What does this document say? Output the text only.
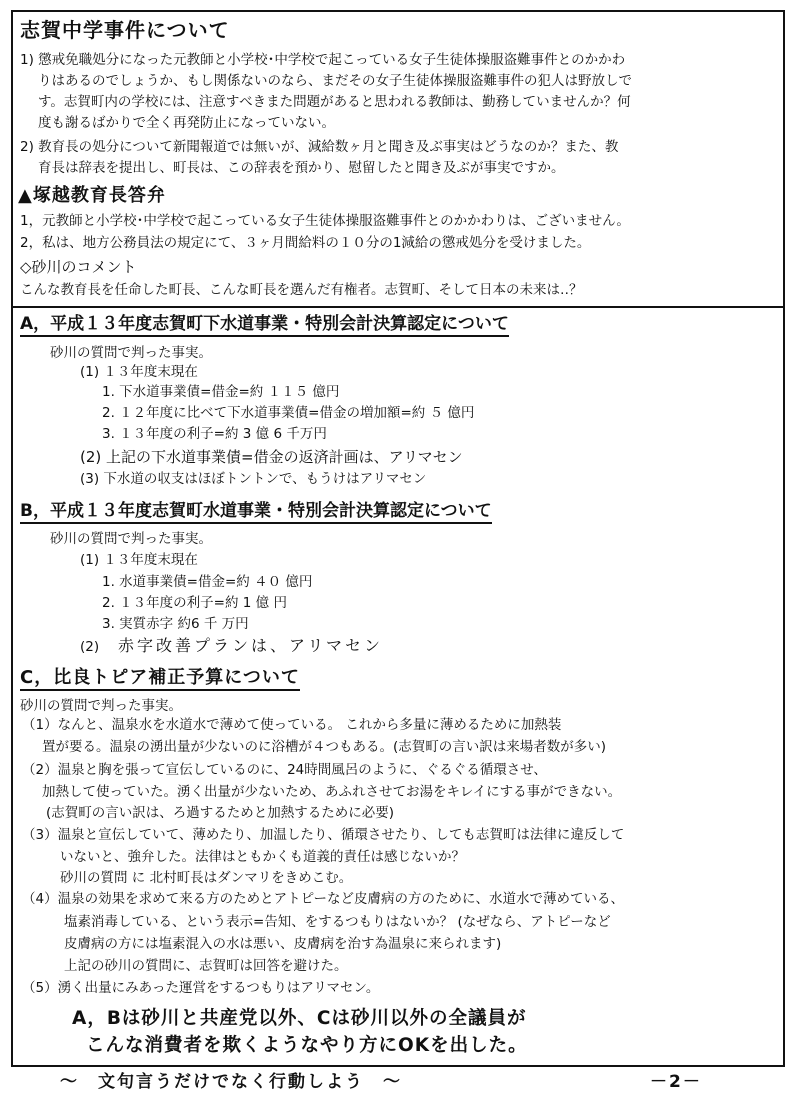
志賀中学事件について
1) 懲戒免職処分になった元教師と小学校･中学校で起こっている女子生徒体操服盗難事件とのかかわ
りはあるのでしょうか、もし関係ないのなら、まだその女子生徒体操服盗難事件の犯人は野放しで
す。志賀町内の学校には、注意すべきまた問題があると思われる教師は、勤務していませんか？何
度も謝るばかりで全く再発防止になっていない。
2) 教育長の処分について新聞報道では無いが、減給数ヶ月と聞き及ぶ事実はどうなのか？また、教
育長は辞表を提出し、町長は、この辞表を預かり、慰留したと聞き及ぶが事実ですか。
▲塚越教育長答弁
1，元教師と小学校･中学校で起こっている女子生徒体操服盗難事件とのかかわりは、ございません。
2，私は、地方公務員法の規定にて、３ヶ月間給料の１０分の1減給の懲戒処分を受けました。
◇砂川のコメント
こんな教育長を任命した町長、こんな町長を選んだ有権者。志賀町、そして日本の未来は‥？
A，平成１３年度志賀町下水道事業・特別会計決算認定について
砂川の質問で判った事実。
(1) １３年度末現在
1. 下水道事業債=借金=約 １１５ 億円
2. １２年度に比べて下水道事業債=借金の増加額=約 ５ 億円
3. １３年度の利子=約 3 億 6 千万円
(2) 上記の下水道事業債=借金の返済計画は、アリマセン
(3) 下水道の収支はほぼトントンで、もうけはアリマセン
B，平成１３年度志賀町水道事業・特別会計決算認定について
砂川の質問で判った事実。
(1) １３年度末現在
1. 水道事業債=借金=約 ４０ 億円
2. １３年度の利子=約 1 億 円
3. 実質赤字 約6 千 万円
(2) 赤字改善プランは、アリマセン
C，比良トピア補正予算について
砂川の質問で判った事実。
（1）なんと、温泉水を水道水で薄めて使っている。 これから多量に薄めるために加熱装
置が要る。温泉の湧出量が少ないのに浴槽が４つもある。(志賀町の言い訳は来場者数が多い)
（2）温泉と胸を張って宣伝しているのに、24時間風呂のように、ぐるぐる循環させ、
加熱して使っていた。湧く出量が少ないため、あふれさせてお湯をキレイにする事ができない。
(志賀町の言い訳は、ろ過するためと加熱するために必要)
（3）温泉と宣伝していて、薄めたり、加温したり、循環させたり、しても志賀町は法律に違反して
いないと、強弁した。法律はともかくも道義的責任は感じないか？
砂川の質問 に 北村町長はダンマリをきめこむ。
（4）温泉の効果を求めて来る方のためとアトピーなど皮膚病の方のために、水道水で薄めている、
塩素消毒している、という表示=告知、をするつもりはないか？ (なぜなら、アトピーなど
皮膚病の方には塩素混入の水は悪い、皮膚病を治す為温泉に来られます)
上記の砂川の質問に、志賀町は回答を避けた。
（5）湧く出量にみあった運営をするつもりはアリマセン。
A，Bは砂川と共産党以外、Cは砂川以外の全議員が
こんな消費者を欺くようなやり方にOKを出した。
～　文句言うだけでなく行動しよう　～	－2－
